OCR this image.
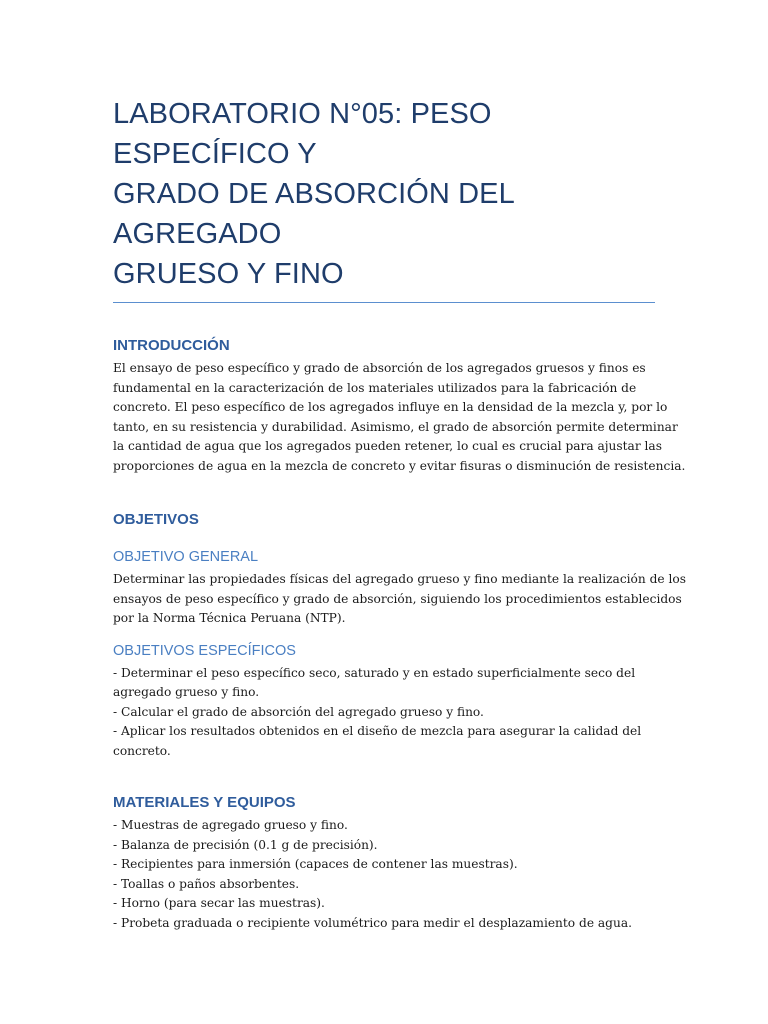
LABORATORIO N°05: PESO ESPECÍFICO Y
GRADO DE ABSORCIÓN DEL AGREGADO
GRUESO Y FINO
INTRODUCCIÓN

El ensayo de peso específico y grado de absorción de los agregados gruesos y finos es
fundamental en la caracterización de los materiales utilizados para la fabricación de
concreto. El peso específico de los agregados influye en la densidad de la mezcla y, por lo
tanto, en su resistencia y durabilidad. Asimismo, el grado de absorción permite determinar
la cantidad de agua que los agregados pueden retener, lo cual es crucial para ajustar las
proporciones de agua en la mezcla de concreto y evitar fisuras o disminución de resistencia.

OBJETIVOS
OBJETIVO GENERAL

Determinar las propiedades físicas del agregado grueso y fino mediante la realización de los
ensayos de peso específico y grado de absorción, siguiendo los procedimientos establecidos
por la Norma Técnica Peruana (NTP).

OBJETIVOS ESPECÍFICOS

- Determinar el peso específico seco, saturado y en estado superficialmente seco del
agregado grueso y fino.
- Calcular el grado de absorción del agregado grueso y fino.
- Aplicar los resultados obtenidos en el diseño de mezcla para asegurar la calidad del
concreto.

MATERIALES Y EQUIPOS

- Muestras de agregado grueso y fino.
- Balanza de precisión (0.1 g de precisión).
- Recipientes para inmersión (capaces de contener las muestras).
- Toallas o paños absorbentes.
- Horno (para secar las muestras).
- Probeta graduada o recipiente volumétrico para medir el desplazamiento de agua.
